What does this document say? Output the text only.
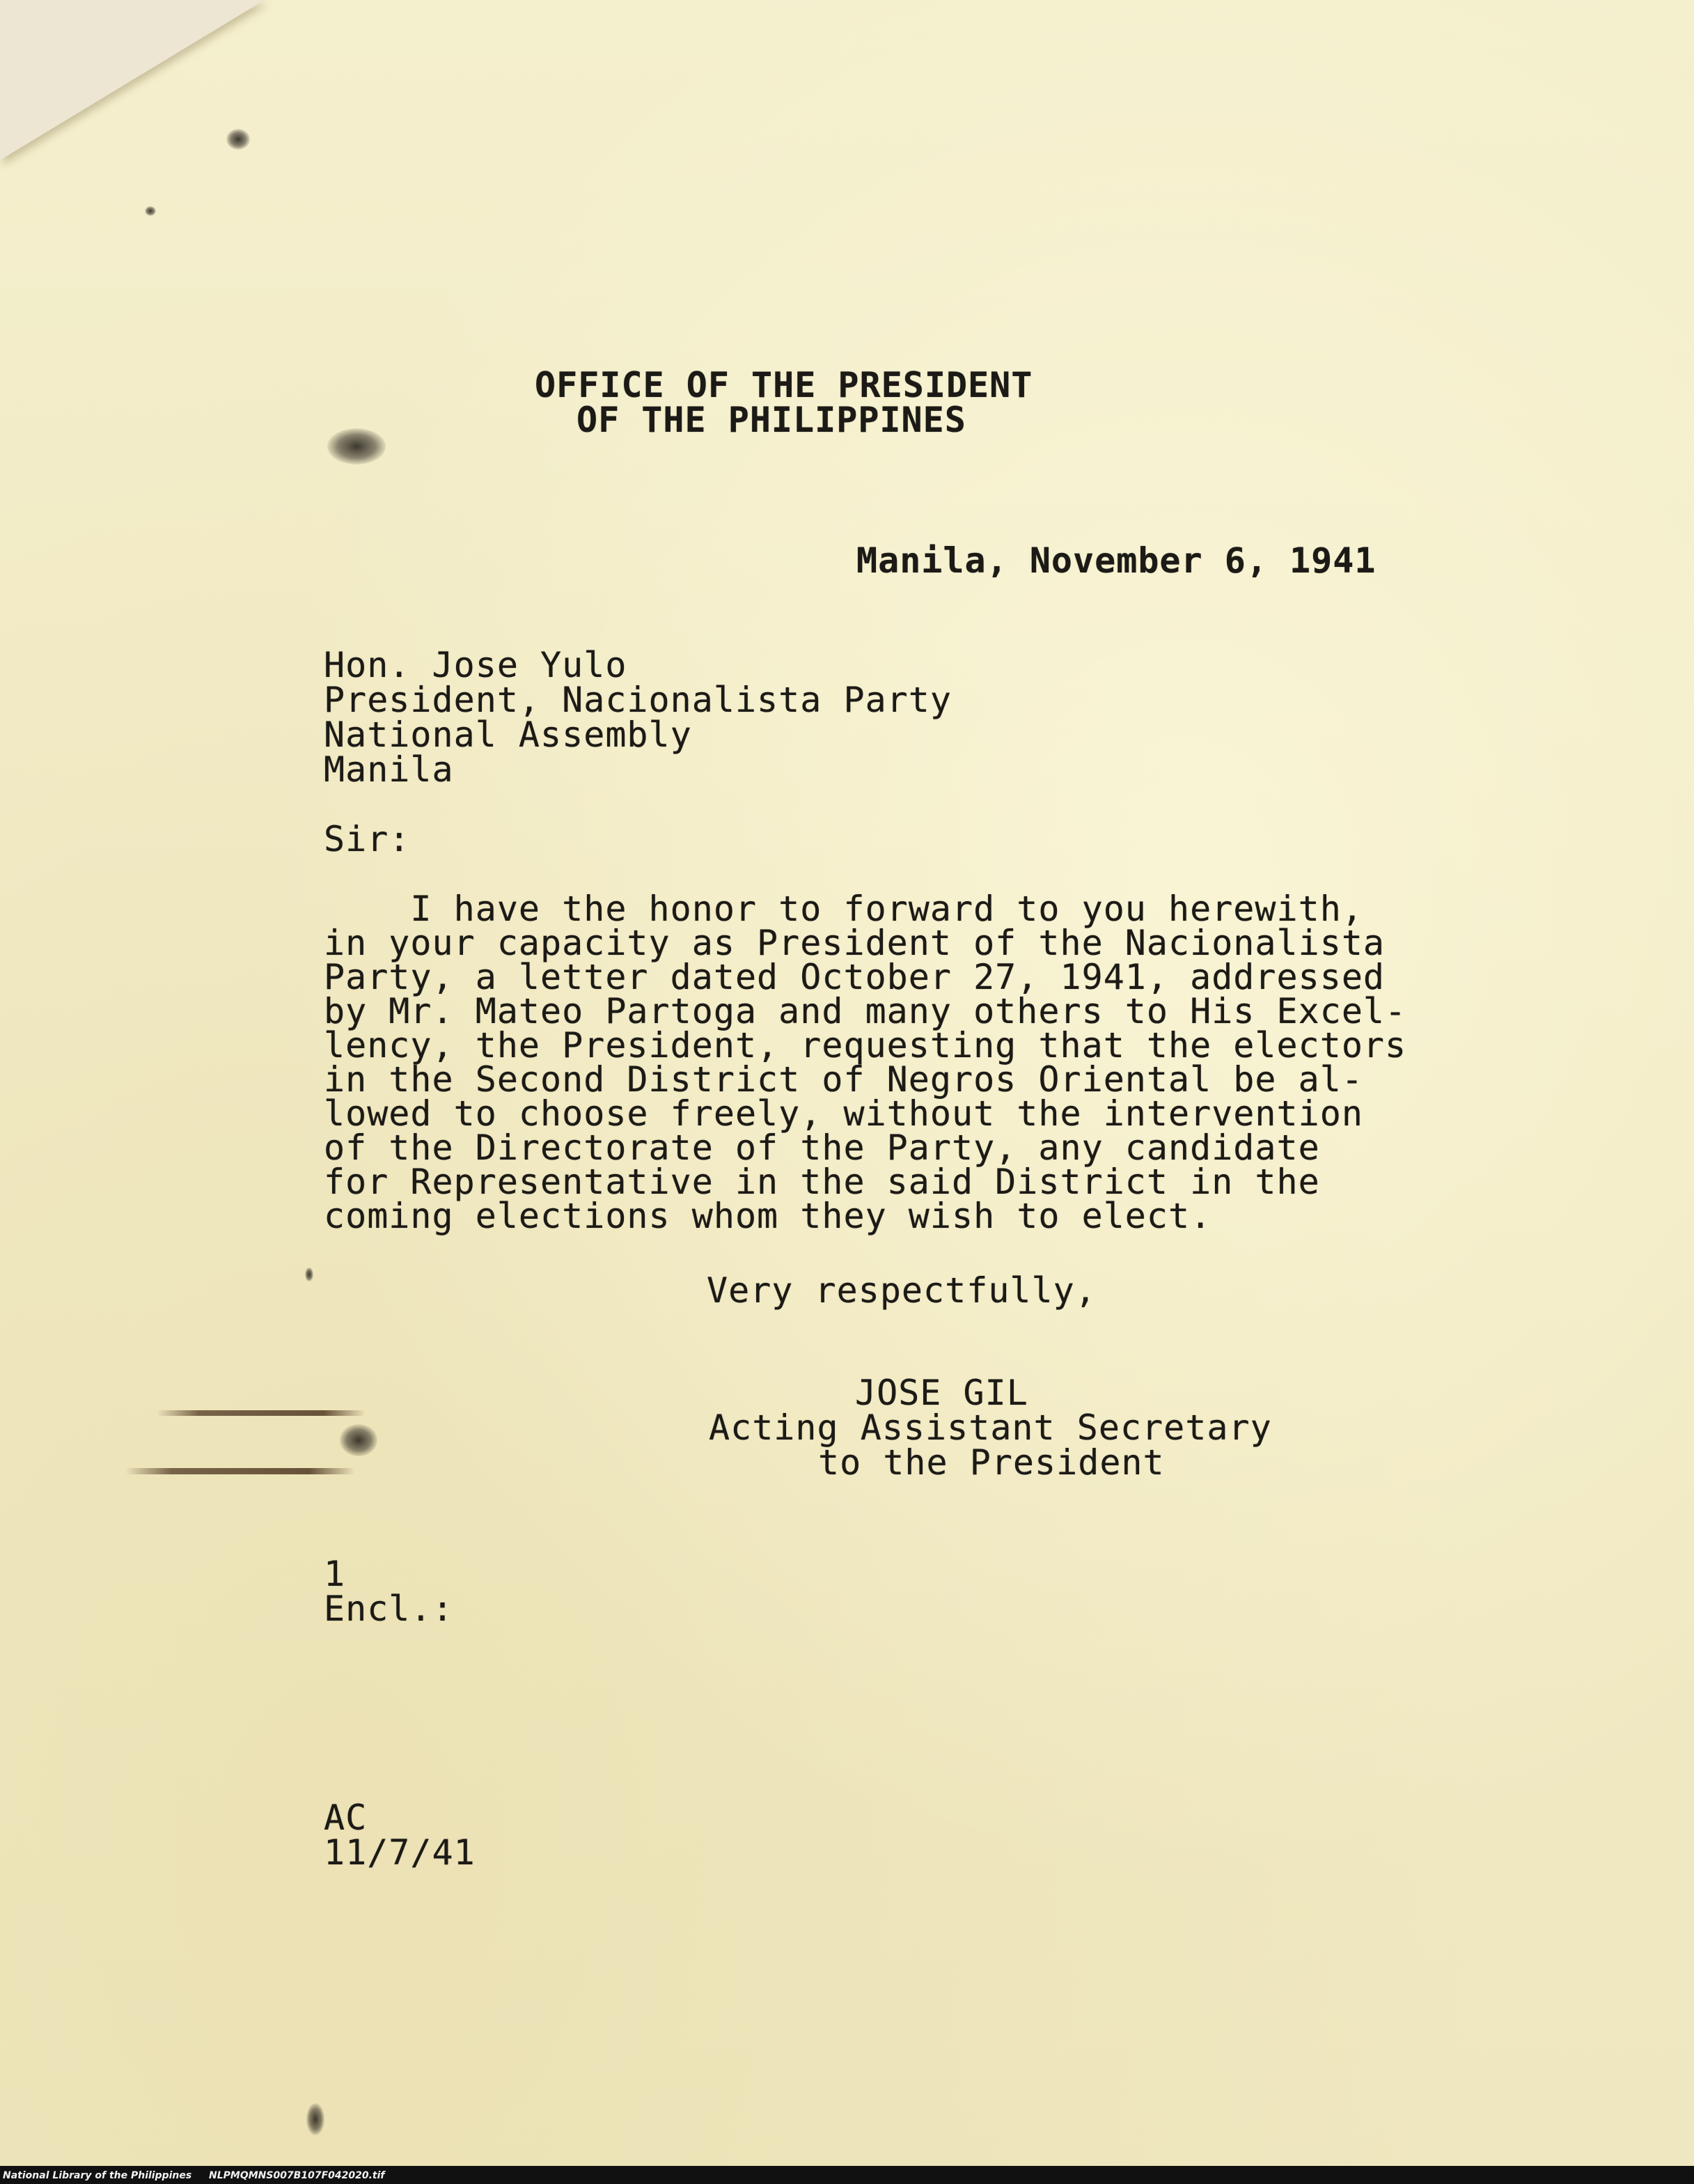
OFFICE OF THE PRESIDENT
OF THE PHILIPPINES
Manila, November 6, 1941
Hon. Jose Yulo
President, Nacionalista Party
National Assembly
Manila
Sir:
I have the honor to forward to you herewith,
in your capacity as President of the Nacionalista
Party, a letter dated October 27, 1941, addressed
by Mr. Mateo Partoga and many others to His Excel-
lency, the President, requesting that the electors
in the Second District of Negros Oriental be al-
lowed to choose freely, without the intervention
of the Directorate of the Party, any candidate
for Representative in the said District in the
coming elections whom they wish to elect.
Very respectfully,
JOSE GIL
Acting Assistant Secretary
to the President
1
Encl.:
AC
11/7/41
National Library of the Philippines NLPMQMNS007B107F042020.tif
